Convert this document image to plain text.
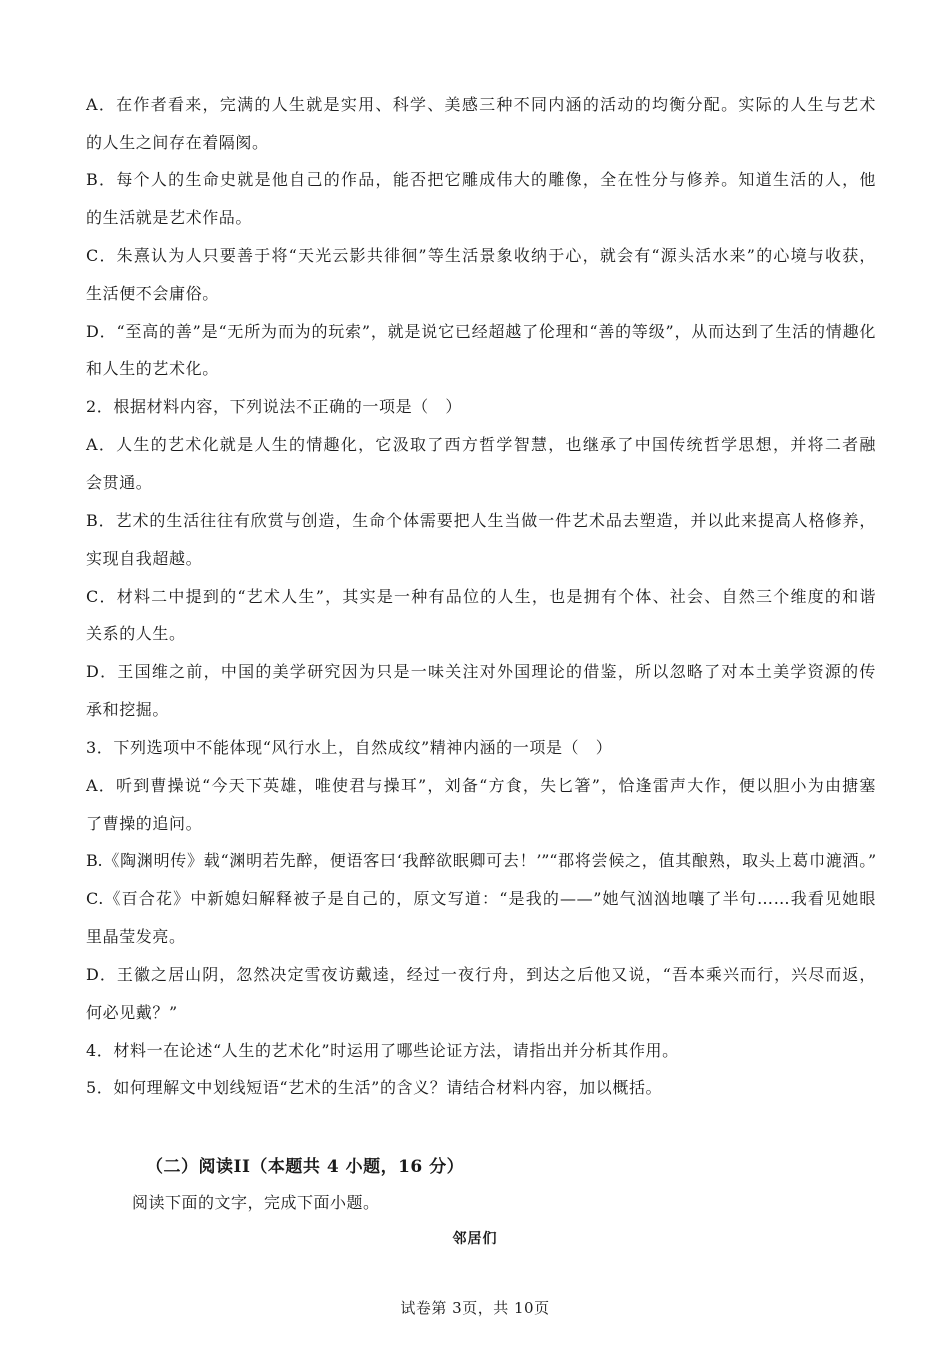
A．在作者看来，完满的人生就是实用、科学、美感三种不同内涵的活动的均衡分配。实际的人生与艺术
的人生之间存在着隔阂。
B．每个人的生命史就是他自己的作品，能否把它雕成伟大的雕像，全在性分与修养。知道生活的人，他
的生活就是艺术作品。
C．朱熹认为人只要善于将“天光云影共徘徊”等生活景象收纳于心，就会有“源头活水来”的心境与收获，
生活便不会庸俗。
D．“至高的善”是“无所为而为的玩索”，就是说它已经超越了伦理和“善的等级”，从而达到了生活的情趣化
和人生的艺术化。
2．根据材料内容，下列说法不正确的一项是（　）
A．人生的艺术化就是人生的情趣化，它汲取了西方哲学智慧，也继承了中国传统哲学思想，并将二者融
会贯通。
B．艺术的生活往往有欣赏与创造，生命个体需要把人生当做一件艺术品去塑造，并以此来提高人格修养，
实现自我超越。
C．材料二中提到的“艺术人生”，其实是一种有品位的人生，也是拥有个体、社会、自然三个维度的和谐
关系的人生。
D．王国维之前，中国的美学研究因为只是一味关注对外国理论的借鉴，所以忽略了对本土美学资源的传
承和挖掘。
3．下列选项中不能体现“风行水上，自然成纹”精神内涵的一项是（　）
A．听到曹操说“今天下英雄，唯使君与操耳”，刘备“方食，失匕箸”，恰逢雷声大作，便以胆小为由搪塞
了曹操的追问。
B.《陶渊明传》载“渊明若先醉，便语客曰‘我醉欲眠卿可去！’”“郡将尝候之，值其酿熟，取头上葛巾漉酒。”
C.《百合花》中新媳妇解释被子是自己的，原文写道：“是我的——”她气汹汹地嚷了半句……我看见她眼
里晶莹发亮。
D．王徽之居山阴，忽然决定雪夜访戴逵，经过一夜行舟，到达之后他又说，“吾本乘兴而行，兴尽而返，
何必见戴？”
4．材料一在论述“人生的艺术化”时运用了哪些论证方法，请指出并分析其作用。
5．如何理解文中划线短语“艺术的生活”的含义？请结合材料内容，加以概括。
（二）阅读II（本题共 4 小题，16 分）
阅读下面的文字，完成下面小题。
邻居们
试卷第 3页，共 10页
